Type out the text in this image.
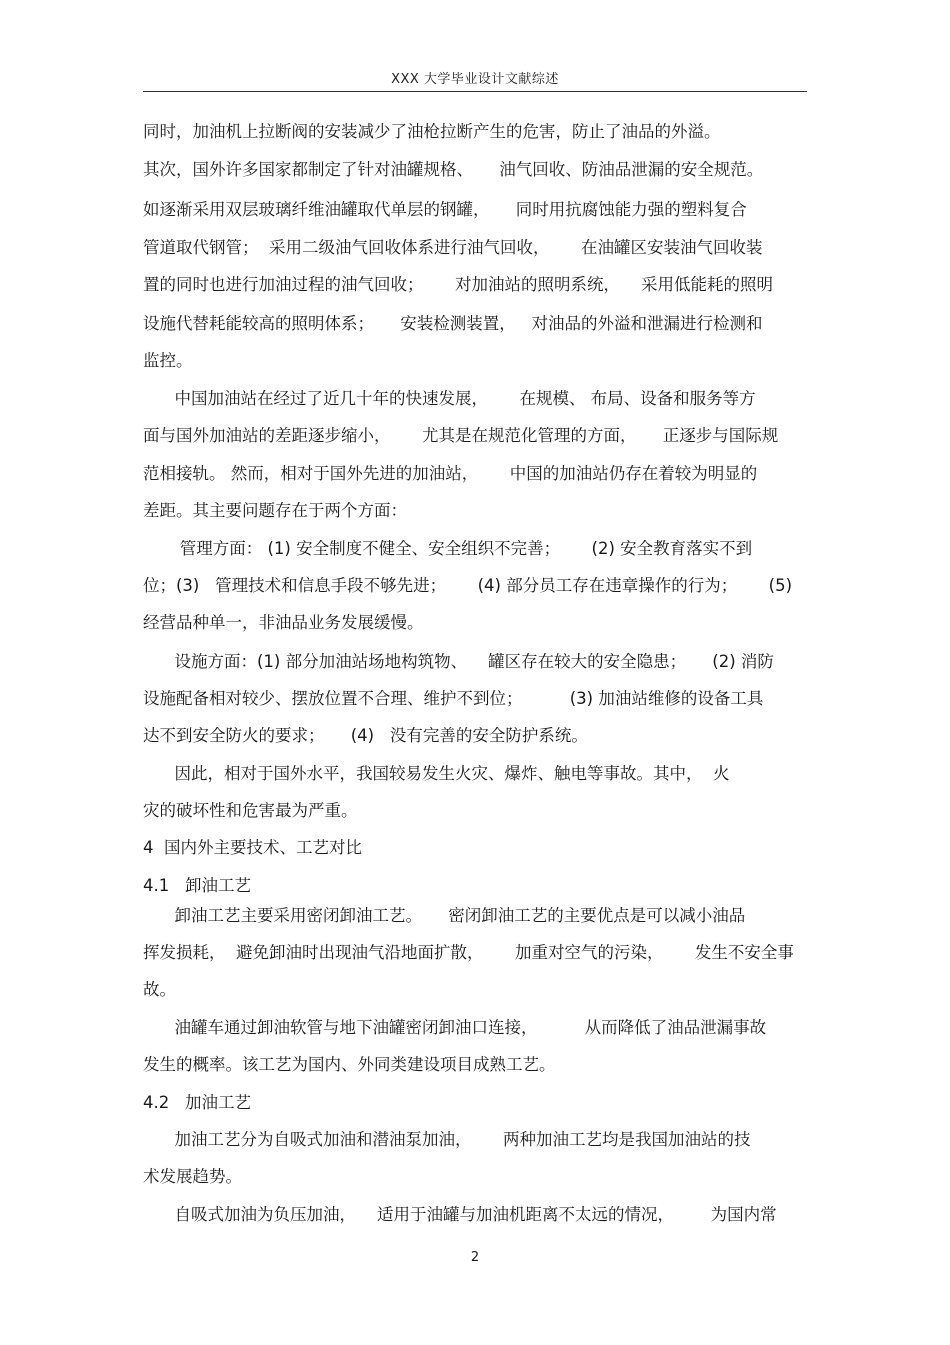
XXX 大学毕业设计文献综述
同时，加油机上拉断阀的安装减少了油枪拉断产生的危害，防止了油品的外溢。
其次，国外许多国家都制定了针对油罐规格、     油气回收、防油品泄漏的安全规范。
如逐渐采用双层玻璃纤维油罐取代单层的钢罐，     同时用抗腐蚀能力强的塑料复合
管道取代钢管；  采用二级油气回收体系进行油气回收，      在油罐区安装油气回收装
置的同时也进行加油过程的油气回收；      对加油站的照明系统，    采用低能耗的照明
设施代替耗能较高的照明体系；     安装检测装置，   对油品的外溢和泄漏进行检测和
监控。
中国加油站在经过了近几十年的快速发展，      在规模、 布局、设备和服务等方
面与国外加油站的差距逐步缩小，      尤其是在规范化管理的方面，     正逐步与国际规
范相接轨。 然而，相对于国外先进的加油站，      中国的加油站仍存在着较为明显的
差距。其主要问题存在于两个方面：
管理方面： (1) 安全制度不健全、安全组织不完善；      (2) 安全教育落实不到
位；(3)   管理技术和信息手段不够先进；      (4) 部分员工存在违章操作的行为；      (5)
经营品种单一，非油品业务发展缓慢。
设施方面：(1) 部分加油站场地构筑物、    罐区存在较大的安全隐患；     (2) 消防
设施配备相对较少、摆放位置不合理、维护不到位；         (3) 加油站维修的设备工具
达不到安全防火的要求；     (4)   没有完善的安全防护系统。
因此，相对于国外水平，我国较易发生火灾、爆炸、触电等事故。其中，  火
灾的破坏性和危害最为严重。
4  国内外主要技术、工艺对比
4.1   卸油工艺
卸油工艺主要采用密闭卸油工艺。     密闭卸油工艺的主要优点是可以减小油品
挥发损耗，  避免卸油时出现油气沿地面扩散，      加重对空气的污染，      发生不安全事
故。
油罐车通过卸油软管与地下油罐密闭卸油口连接，         从而降低了油品泄漏事故
发生的概率。该工艺为国内、外同类建设项目成熟工艺。
4.2   加油工艺
加油工艺分为自吸式加油和潜油泵加油，      两种加油工艺均是我国加油站的技
术发展趋势。
自吸式加油为负压加油，    适用于油罐与加油机距离不太远的情况，       为国内常
2
